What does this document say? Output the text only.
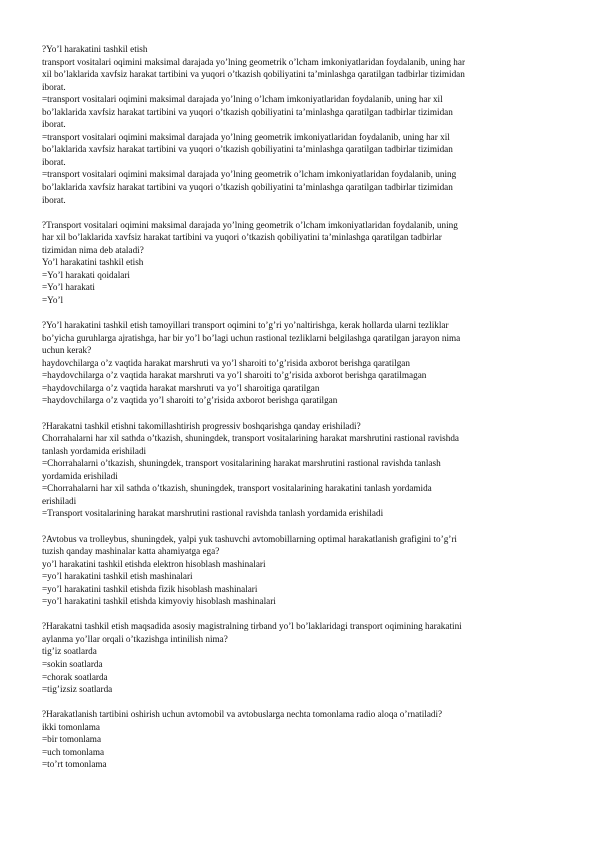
?Yo’l harakatini tashkil etish
transport vositalari oqimini maksimal darajada yo’lning geometrik o’lcham imkoniyatlaridan foydalanib, uning har
xil bo’laklarida xavfsiz harakat tartibini va yuqori o’tkazish qobiliyatini ta’minlashga qaratilgan tadbirlar tizimidan
iborat.
=transport vositalari oqimini maksimal darajada yo’lning o’lcham imkoniyatlaridan foydalanib, uning har xil
bo’laklarida xavfsiz harakat tartibini va yuqori o’tkazish qobiliyatini ta’minlashga qaratilgan tadbirlar tizimidan
iborat.
=transport vositalari oqimini maksimal darajada yo’lning geometrik imkoniyatlaridan foydalanib, uning har xil
bo’laklarida xavfsiz harakat tartibini va yuqori o’tkazish qobiliyatini ta’minlashga qaratilgan tadbirlar tizimidan
iborat.
=transport vositalari oqimini maksimal darajada yo’lning geometrik o’lcham imkoniyatlaridan foydalanib, uning
bo’laklarida xavfsiz harakat tartibini va yuqori o’tkazish qobiliyatini ta’minlashga qaratilgan tadbirlar tizimidan
iborat.
?Transport vositalari oqimini maksimal darajada yo’lning geometrik o’lcham imkoniyatlaridan foydalanib, uning
har xil bo’laklarida xavfsiz harakat tartibini va yuqori o’tkazish qobiliyatini ta’minlashga qaratilgan tadbirlar
tizimidan nima deb ataladi?
Yo’l harakatini tashkil etish
=Yo’l harakati qoidalari
=Yo’l harakati
=Yo’l
?Yo’l harakatini tashkil etish tamoyillari transport oqimini to’g’ri yo’naltirishga, kerak hollarda ularni tezliklar
bo’yicha guruhlarga ajratishga, har bir yo’l bo’lagi uchun rastional tezliklarni belgilashga qaratilgan jarayon nima
uchun kerak?
haydovchilarga o’z vaqtida harakat marshruti va yo’l sharoiti to’g’risida axborot berishga qaratilgan
=haydovchilarga o’z vaqtida harakat marshruti va yo’l sharoiti to’g’risida axborot berishga qaratilmagan
=haydovchilarga o’z vaqtida harakat marshruti va yo’l sharoitiga qaratilgan
=haydovchilarga o’z vaqtida yo’l sharoiti to’g’risida axborot berishga qaratilgan
?Harakatni tashkil etishni takomillashtirish progressiv boshqarishga qanday erishiladi?
Chorrahalarni har xil sathda o’tkazish, shuningdek, transport vositalarining harakat marshrutini rastional ravishda
tanlash yordamida erishiladi
=Chorrahalarni o’tkazish, shuningdek, transport vositalarining harakat marshrutini rastional ravishda tanlash
yordamida erishiladi
=Chorrahalarni har xil sathda o’tkazish, shuningdek, transport vositalarining harakatini tanlash yordamida
erishiladi
=Transport vositalarining harakat marshrutini rastional ravishda tanlash yordamida erishiladi
?Avtobus va trolleybus, shuningdek, yalpi yuk tashuvchi avtomobillarning optimal harakatlanish grafigini to’g’ri
tuzish qanday mashinalar katta ahamiyatga ega?
yo’l harakatini tashkil etishda elektron hisoblash mashinalari
=yo’l harakatini tashkil etish mashinalari
=yo’l harakatini tashkil etishda fizik hisoblash mashinalari
=yo’l harakatini tashkil etishda kimyoviy hisoblash mashinalari
?Harakatni tashkil etish maqsadida asosiy magistralning tirband yo’l bo’laklaridagi transport oqimining harakatini
aylanma yo’llar orqali o’tkazishga intinilish nima?
tig’iz soatlarda
=sokin soatlarda
=chorak soatlarda
=tig’izsiz soatlarda
?Harakatlanish tartibini oshirish uchun avtomobil va avtobuslarga nechta tomonlama radio aloqa o’rnatiladi?
ikki tomonlama
=bir tomonlama
=uch tomonlama
=to’rt tomonlama
